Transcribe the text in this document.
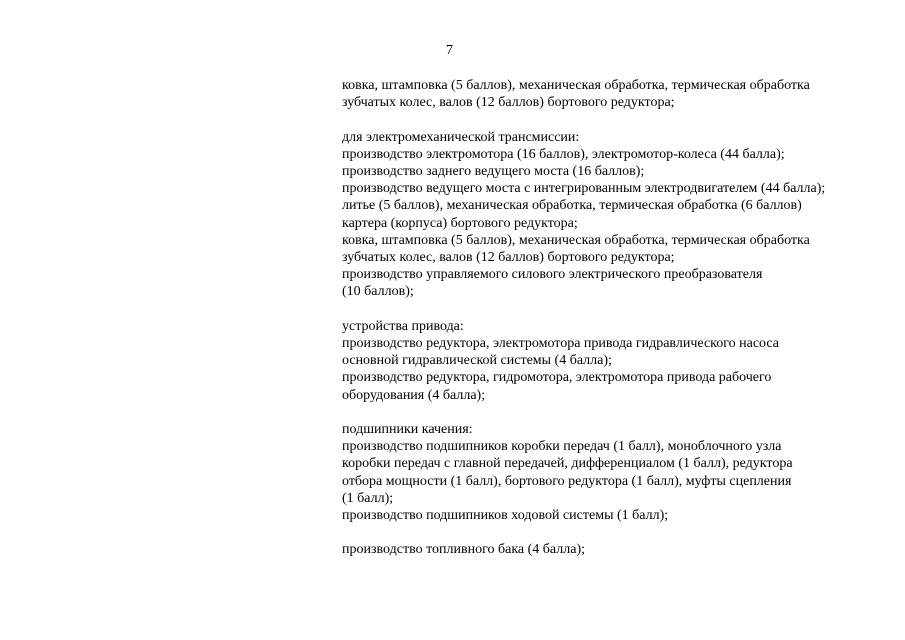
7
ковка, штамповка (5 баллов), механическая обработка, термическая обработка
зубчатых колес, валов (12 баллов) бортового редуктора;
для электромеханической трансмиссии:
производство электромотора (16 баллов), электромотор-колеса (44 балла);
производство заднего ведущего моста (16 баллов);
производство ведущего моста с интегрированным электродвигателем (44 балла);
литье (5 баллов), механическая обработка, термическая обработка (6 баллов)
картера (корпуса) бортового редуктора;
ковка, штамповка (5 баллов), механическая обработка, термическая обработка
зубчатых колес, валов (12 баллов) бортового редуктора;
производство управляемого силового электрического преобразователя
(10 баллов);
устройства привода:
производство редуктора, электромотора привода гидравлического насоса
основной гидравлической системы (4 балла);
производство редуктора, гидромотора, электромотора привода рабочего
оборудования (4 балла);
подшипники качения:
производство подшипников коробки передач (1 балл), моноблочного узла
коробки передач с главной передачей, дифференциалом (1 балл), редуктора
отбора мощности (1 балл), бортового редуктора (1 балл), муфты сцепления
(1 балл);
производство подшипников ходовой системы (1 балл);
производство топливного бака (4 балла);
